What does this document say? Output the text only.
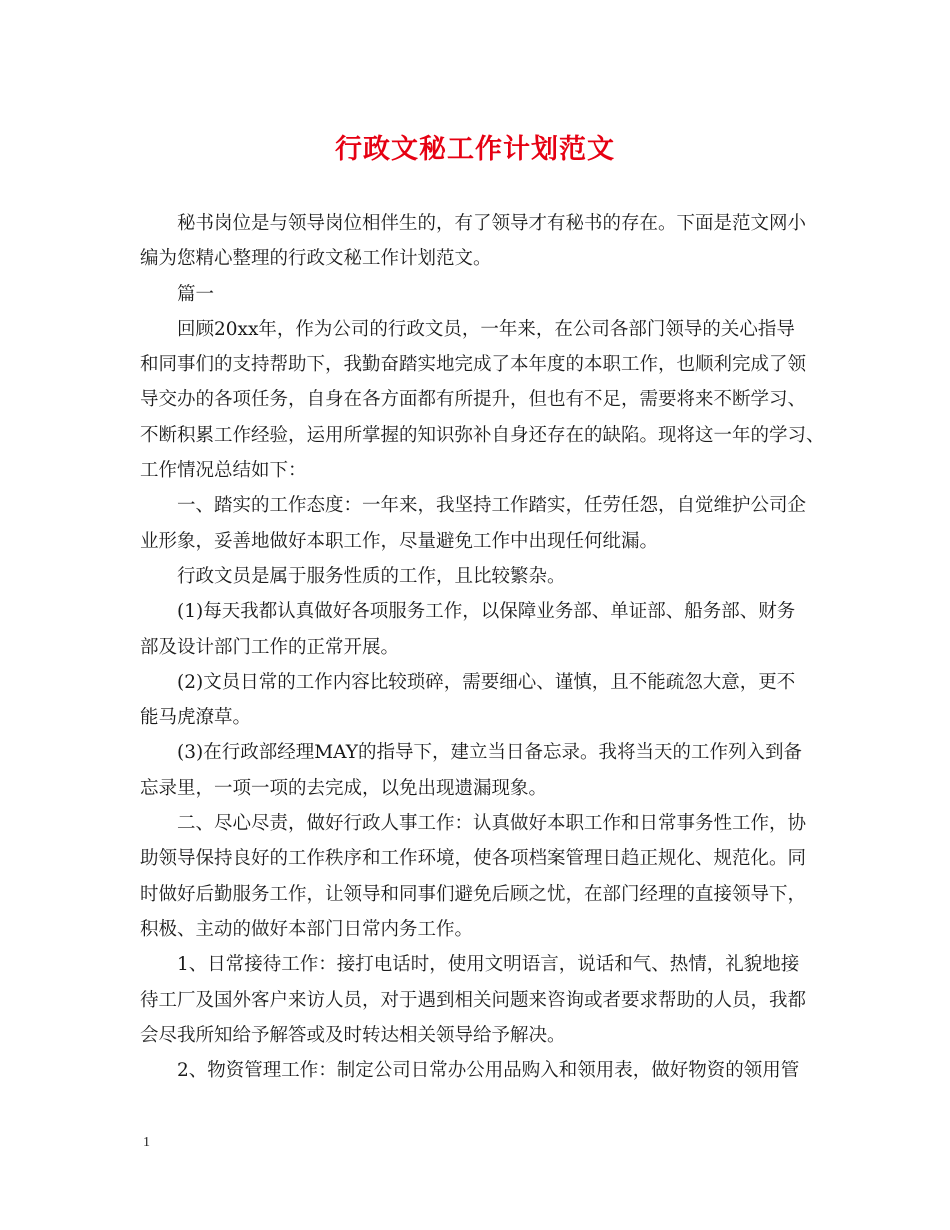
行政文秘工作计划范文
秘书岗位是与领导岗位相伴生的，有了领导才有秘书的存在。下面是范文网小
编为您精心整理的行政文秘工作计划范文。
篇一
回顾20xx年，作为公司的行政文员，一年来，在公司各部门领导的关心指导
和同事们的支持帮助下，我勤奋踏实地完成了本年度的本职工作，也顺利完成了领
导交办的各项任务，自身在各方面都有所提升，但也有不足，需要将来不断学习、
不断积累工作经验，运用所掌握的知识弥补自身还存在的缺陷。现将这一年的学习、
工作情况总结如下：
一、踏实的工作态度：一年来，我坚持工作踏实，任劳任怨，自觉维护公司企
业形象，妥善地做好本职工作，尽量避免工作中出现任何纰漏。
行政文员是属于服务性质的工作，且比较繁杂。
(1)每天我都认真做好各项服务工作，以保障业务部、单证部、船务部、财务
部及设计部门工作的正常开展。
(2)文员日常的工作内容比较琐碎，需要细心、谨慎，且不能疏忽大意，更不
能马虎潦草。
(3)在行政部经理MAY的指导下，建立当日备忘录。我将当天的工作列入到备
忘录里，一项一项的去完成，以免出现遗漏现象。
二、尽心尽责，做好行政人事工作：认真做好本职工作和日常事务性工作，协
助领导保持良好的工作秩序和工作环境，使各项档案管理日趋正规化、规范化。同
时做好后勤服务工作，让领导和同事们避免后顾之忧，在部门经理的直接领导下，
积极、主动的做好本部门日常内务工作。
1、日常接待工作：接打电话时，使用文明语言，说话和气、热情，礼貌地接
待工厂及国外客户来访人员，对于遇到相关问题来咨询或者要求帮助的人员，我都
会尽我所知给予解答或及时转达相关领导给予解决。
2、物资管理工作：制定公司日常办公用品购入和领用表，做好物资的领用管
1
